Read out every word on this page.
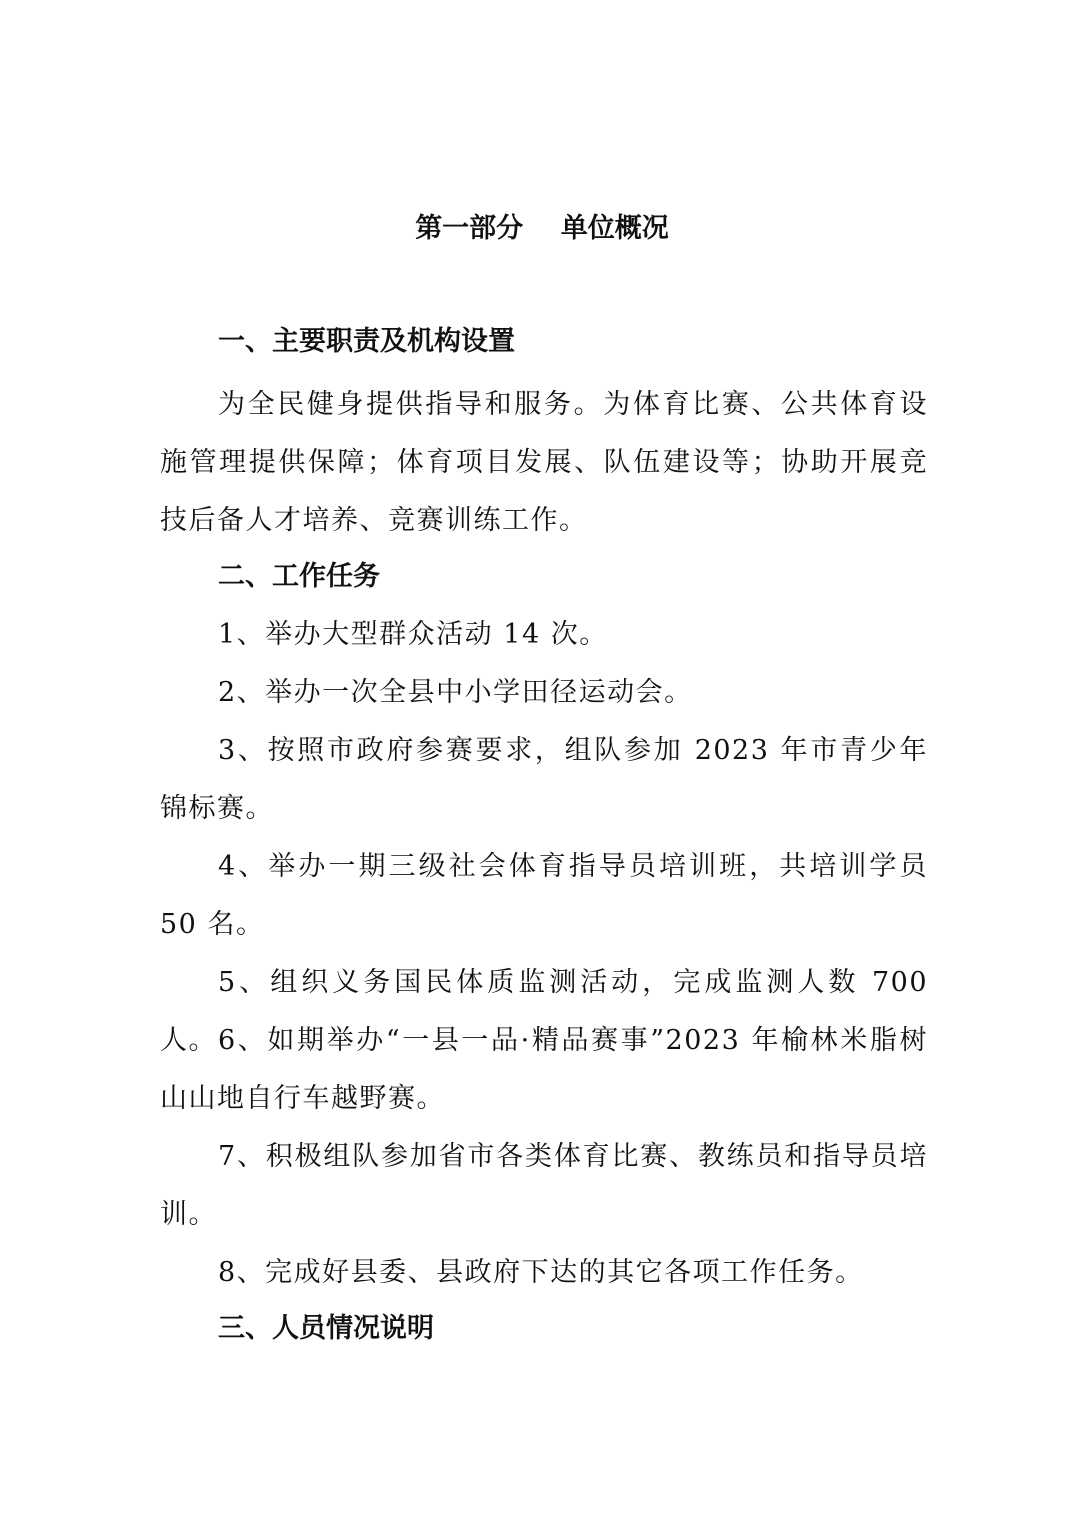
第一部分    单位概况
一、主要职责及机构设置

为全民健身提供指导和服务。为体育比赛、公共体育设施管理提供保障；体育项目发展、队伍建设等；协助开展竞技后备人才培养、竞赛训练工作。

二、工作任务

1、举办大型群众活动 14 次。

2、举办一次全县中小学田径运动会。

3、按照市政府参赛要求，组队参加 2023 年市青少年锦标赛。

4、举办一期三级社会体育指导员培训班，共培训学员 50 名。

5、组织义务国民体质监测活动，完成监测人数 700 人。 6、如期举办“一县一品·精品赛事”2023 年榆林米脂树山山地自行车越野赛。

7、积极组队参加省市各类体育比赛、教练员和指导员培训。

8、完成好县委、县政府下达的其它各项工作任务。

三、人员情况说明
